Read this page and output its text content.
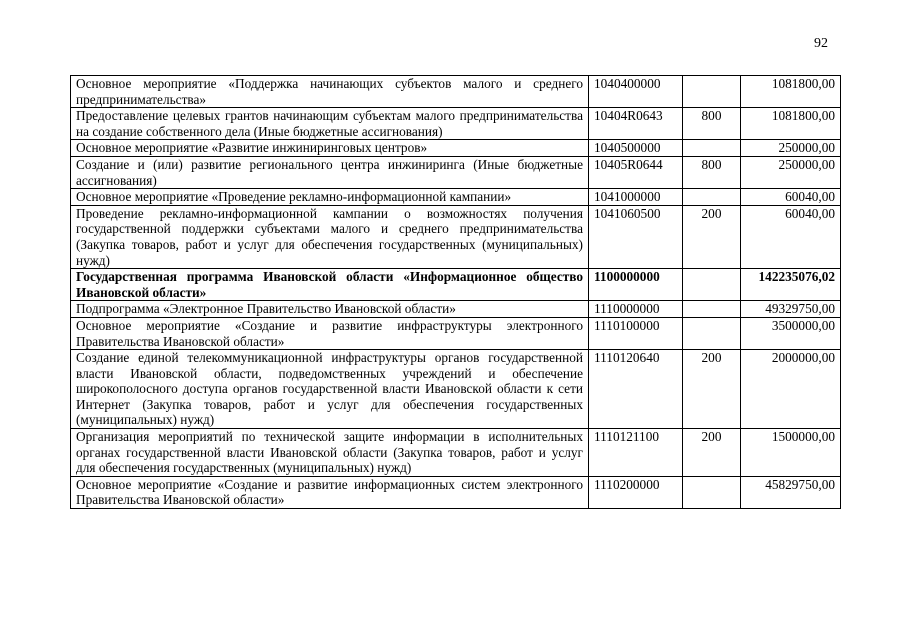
92
Основное мероприятие «Поддержка начинающих субъектов малого и среднего предпринимательства»	1040400000		1081800,00
Предоставление целевых грантов начинающим субъектам малого предпринимательства на создание собственного дела (Иные бюджетные ассигнования)	10404R0643	800	1081800,00
Основное мероприятие «Развитие инжиниринговых центров»	1040500000		250000,00
Создание и (или) развитие регионального центра инжиниринга (Иные бюджетные ассигнования)	10405R0644	800	250000,00
Основное мероприятие «Проведение рекламно-информационной кампании»	1041000000		60040,00
Проведение рекламно-информационной кампании о возможностях получения государственной поддержки субъектами малого и среднего предпринимательства (Закупка товаров, работ и услуг для обеспечения государственных (муниципальных) нужд)	1041060500	200	60040,00
Государственная программа Ивановской области «Информационное общество Ивановской области»	1100000000		142235076,02
Подпрограмма «Электронное Правительство Ивановской области»	1110000000		49329750,00
Основное мероприятие «Создание и развитие инфраструктуры электронного Правительства Ивановской области»	1110100000		3500000,00
Создание единой телекоммуникационной инфраструктуры органов государственной власти Ивановской области, подведомственных учреждений и обеспечение широкополосного доступа органов государственной власти Ивановской области к сети Интернет (Закупка товаров, работ и услуг для обеспечения государственных (муниципальных) нужд)	1110120640	200	2000000,00
Организация мероприятий по технической защите информации в исполнительных органах государственной власти Ивановской области (Закупка товаров, работ и услуг для обеспечения государственных (муниципальных) нужд)	1110121100	200	1500000,00
Основное мероприятие «Создание и развитие информационных систем электронного Правительства Ивановской области»	1110200000		45829750,00
